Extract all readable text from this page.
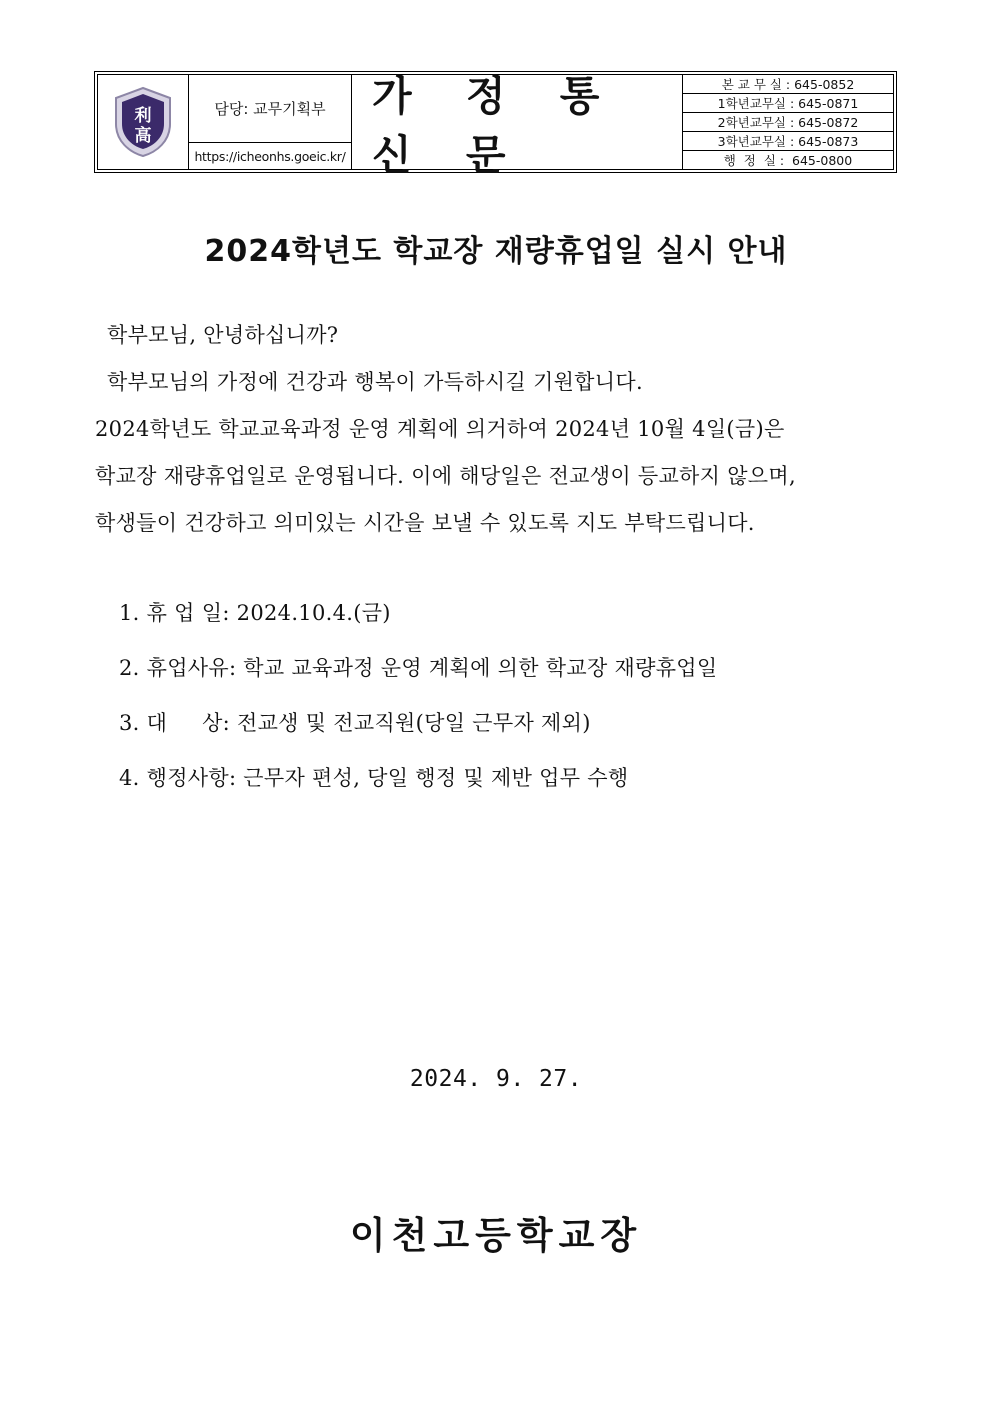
利
高
담당: 교무기획부
https://icheonhs.goeic.kr/
가 정 통 신 문
본 교 무 실 : 645-0852
1학년교무실 : 645-0871
2학년교무실 : 645-0872
3학년교무실 : 645-0873
행  정  실 :  645-0800
2024학년도 학교장 재량휴업일 실시 안내

학부모님, 안녕하십니까?

학부모님의 가정에 건강과 행복이 가득하시길 기원합니다.

2024학년도 학교교육과정 운영 계획에 의거하여 2024년 10월 4일(금)은

학교장 재량휴업일로 운영됩니다. 이에 해당일은 전교생이 등교하지 않으며,

학생들이 건강하고 의미있는 시간을 보낼 수 있도록 지도 부탁드립니다.

1. 휴 업 일: 2024.10.4.(금)

2. 휴업사유: 학교 교육과정 운영 계획에 의한 학교장 재량휴업일

3. 대     상: 전교생 및 전교직원(당일 근무자 제외)

4. 행정사항: 근무자 편성, 당일 행정 및 제반 업무 수행

2024. 9. 27.
이천고등학교장
